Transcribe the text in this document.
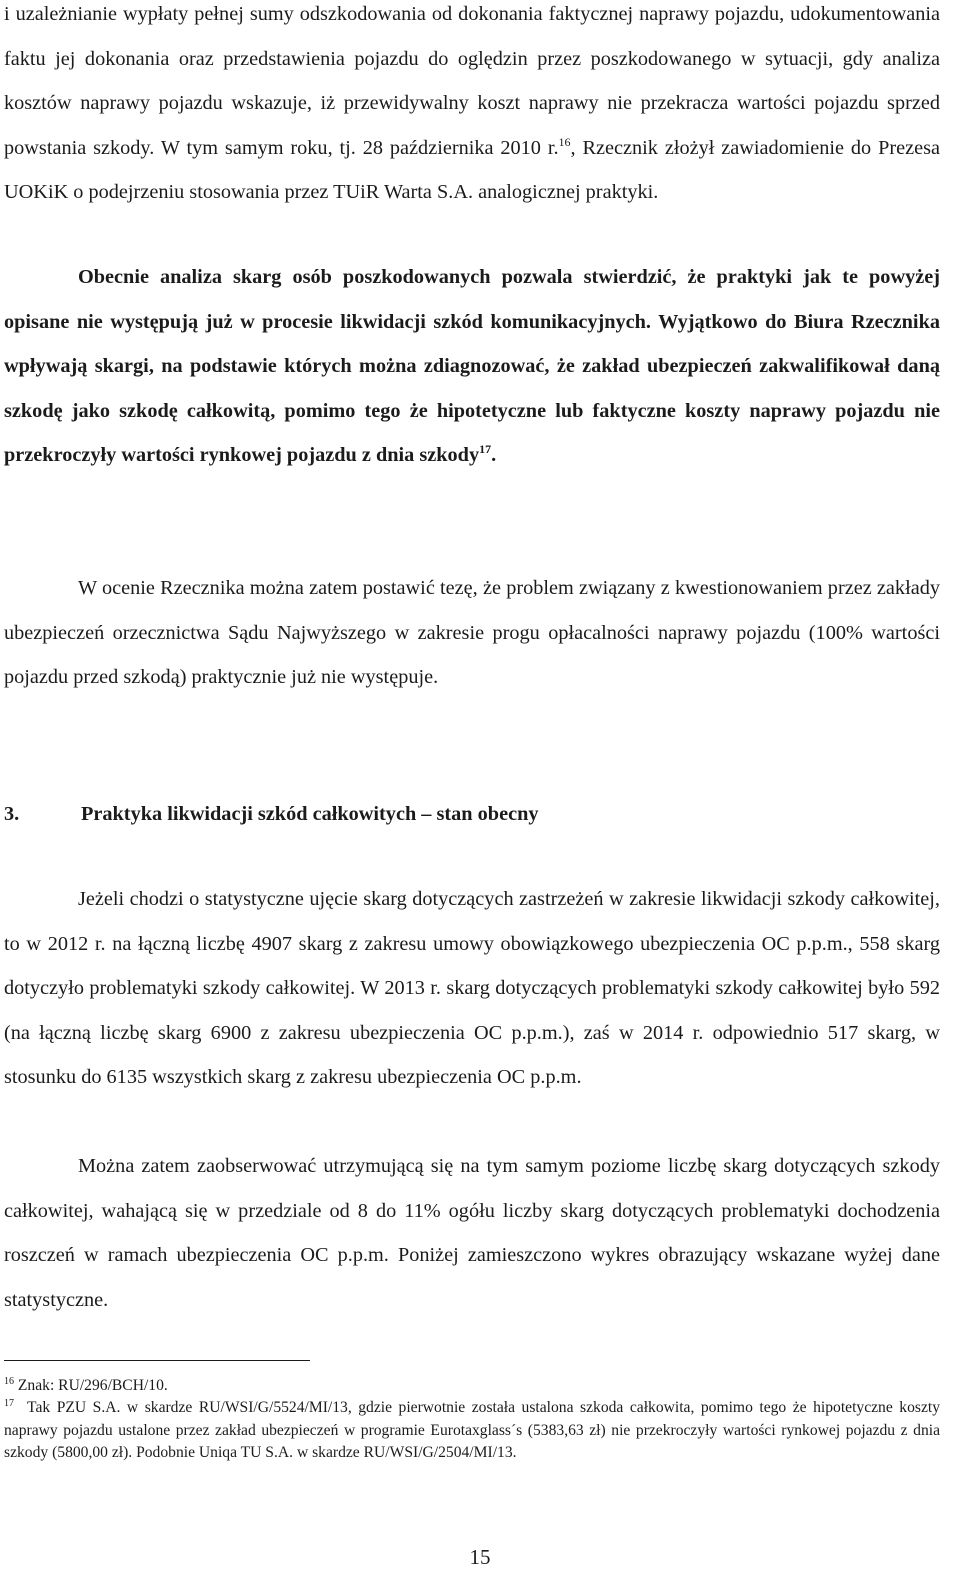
i uzależnianie wypłaty pełnej sumy odszkodowania od dokonania faktycznej naprawy pojazdu, udokumentowania faktu jej dokonania oraz przedstawienia pojazdu do oględzin przez poszkodowanego w sytuacji, gdy analiza kosztów naprawy pojazdu wskazuje, iż przewidywalny koszt naprawy nie przekracza wartości pojazdu sprzed powstania szkody. W tym samym roku, tj. 28 października 2010 r.$^{16}$, Rzecznik złożył zawiadomienie do Prezesa UOKiK o podejrzeniu stosowania przez TUiR Warta S.A. analogicznej praktyki.

Obecnie analiza skarg osób poszkodowanych pozwala stwierdzić, że praktyki jak te powyżej opisane nie występują już w procesie likwidacji szkód komunikacyjnych. Wyjątkowo do Biura Rzecznika wpływają skargi, na podstawie których można zdiagnozować, że zakład ubezpieczeń zakwalifikował daną szkodę jako szkodę całkowitą, pomimo tego że hipotetyczne lub faktyczne koszty naprawy pojazdu nie przekroczyły wartości rynkowej pojazdu z dnia szkody$^{17}$.

W ocenie Rzecznika można zatem postawić tezę, że problem związany z kwestionowaniem przez zakłady ubezpieczeń orzecznictwa Sądu Najwyższego w zakresie progu opłacalności naprawy pojazdu (100% wartości pojazdu przed szkodą) praktycznie już nie występuje.

3.	Praktyka likwidacji szkód całkowitych – stan obecny

Jeżeli chodzi o statystyczne ujęcie skarg dotyczących zastrzeżeń w zakresie likwidacji szkody całkowitej, to w 2012 r. na łączną liczbę 4907 skarg z zakresu umowy obowiązkowego ubezpieczenia OC p.p.m., 558 skarg dotyczyło problematyki szkody całkowitej. W 2013 r. skarg dotyczących problematyki szkody całkowitej było 592 (na łączną liczbę skarg 6900 z zakresu ubezpieczenia OC p.p.m.), zaś w 2014 r. odpowiednio 517 skarg, w stosunku do 6135 wszystkich skarg z zakresu ubezpieczenia OC p.p.m.

Można zatem zaobserwować utrzymującą się na tym samym poziome liczbę skarg dotyczących szkody całkowitej, wahającą się w przedziale od 8 do 11% ogółu liczby skarg dotyczących problematyki dochodzenia roszczeń w ramach ubezpieczenia OC p.p.m. Poniżej zamieszczono wykres obrazujący wskazane wyżej dane statystyczne.

$^{16}$ Znak: RU/296/BCH/10.

$^{17}$ Tak PZU S.A. w skardze RU/WSI/G/5524/MI/13, gdzie pierwotnie została ustalona szkoda całkowita, pomimo tego że hipotetyczne koszty naprawy pojazdu ustalone przez zakład ubezpieczeń w programie Eurotaxglass´s (5383,63 zł) nie przekroczyły wartości rynkowej pojazdu z dnia szkody (5800,00 zł). Podobnie Uniqa TU S.A. w skardze RU/WSI/G/2504/MI/13.

15
